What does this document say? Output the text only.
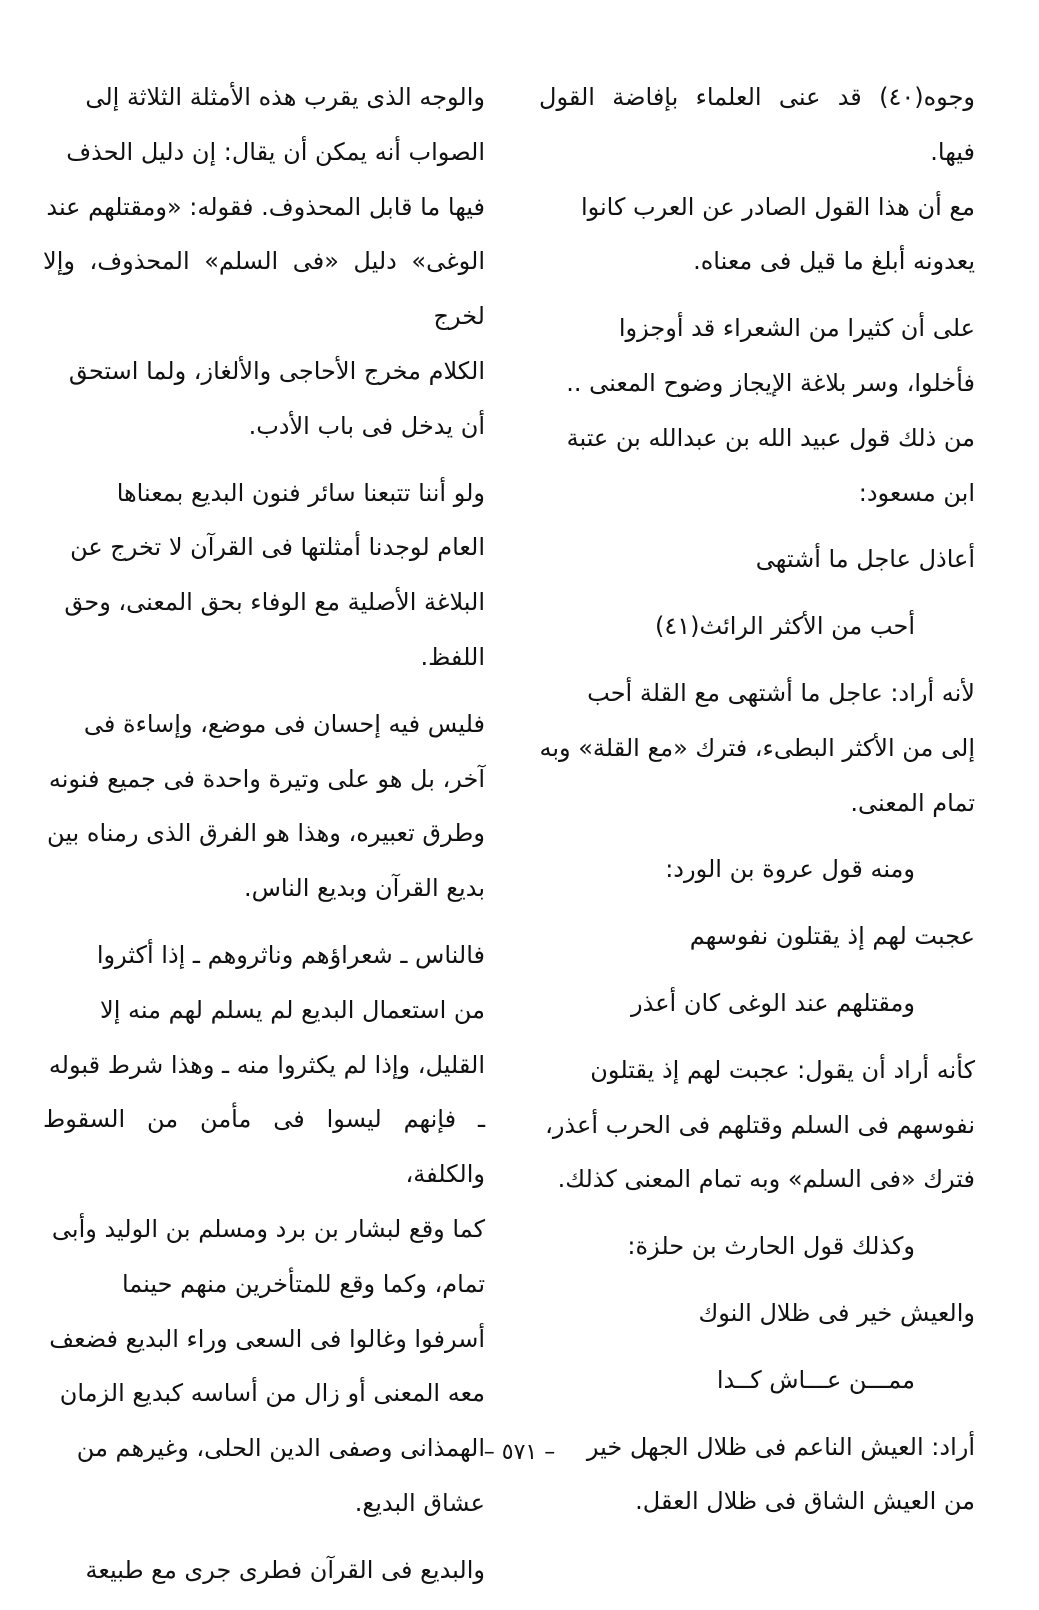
وجوه(٤٠) قد عنى العلماء بإفاضة القول فيها.
مع أن هذا القول الصادر عن العرب كانوا
يعدونه أبلغ ما قيل فى معناه.

على أن كثيرا من الشعراء قد أوجزوا
فأخلوا، وسر بلاغة الإيجاز وضوح المعنى ..
من ذلك قول عبيد الله بن عبدالله بن عتبة
ابن مسعود:

أعاذل عاجل ما أشتهى

أحب من الأكثر الرائث(٤١)

لأنه أراد: عاجل ما أشتهى مع القلة أحب
إلى من الأكثر البطىء، فترك «مع القلة» وبه
تمام المعنى.

ومنه قول عروة بن الورد:

عجبت لهم إذ يقتلون نفوسهم

ومقتلهم عند الوغى كان أعذر

كأنه أراد أن يقول: عجبت لهم إذ يقتلون
نفوسهم فى السلم وقتلهم فى الحرب أعذر،
فترك «فى السلم» وبه تمام المعنى كذلك.

وكذلك قول الحارث بن حلزة:

والعيش خير فى ظلال النوك

ممـــن عـــاش كــدا

أراد: العيش الناعم فى ظلال الجهل خير
من العيش الشاق فى ظلال العقل.

والوجه الذى يقرب هذه الأمثلة الثلاثة إلى
الصواب أنه يمكن أن يقال: إن دليل الحذف
فيها ما قابل المحذوف. فقوله: «ومقتلهم عند
الوغى» دليل «فى السلم» المحذوف، وإلا لخرج
الكلام مخرج الأحاجى والألغاز، ولما استحق
أن يدخل فى باب الأدب.

ولو أننا تتبعنا سائر فنون البديع بمعناها
العام لوجدنا أمثلتها فى القرآن لا تخرج عن
البلاغة الأصلية مع الوفاء بحق المعنى، وحق
اللفظ.

فليس فيه إحسان فى موضع، وإساءة فى
آخر، بل هو على وتيرة واحدة فى جميع فنونه
وطرق تعبيره، وهذا هو الفرق الذى رمناه بين
بديع القرآن وبديع الناس.

فالناس ـ شعراؤهم وناثروهم ـ إذا أكثروا
من استعمال البديع لم يسلم لهم منه إلا
القليل، وإذا لم يكثروا منه ـ وهذا شرط قبوله
ـ فإنهم ليسوا فى مأمن من السقوط والكلفة،
كما وقع لبشار بن برد ومسلم بن الوليد وأبى
تمام، وكما وقع للمتأخرين منهم حينما
أسرفوا وغالوا فى السعى وراء البديع فضعف
معه المعنى أو زال من أساسه كبديع الزمان
الهمذانى وصفى الدين الحلى، وغيرهم من
عشاق البديع.

والبديع فى القرآن فطرى جرى مع طبيعة

– ٥٧١ –
